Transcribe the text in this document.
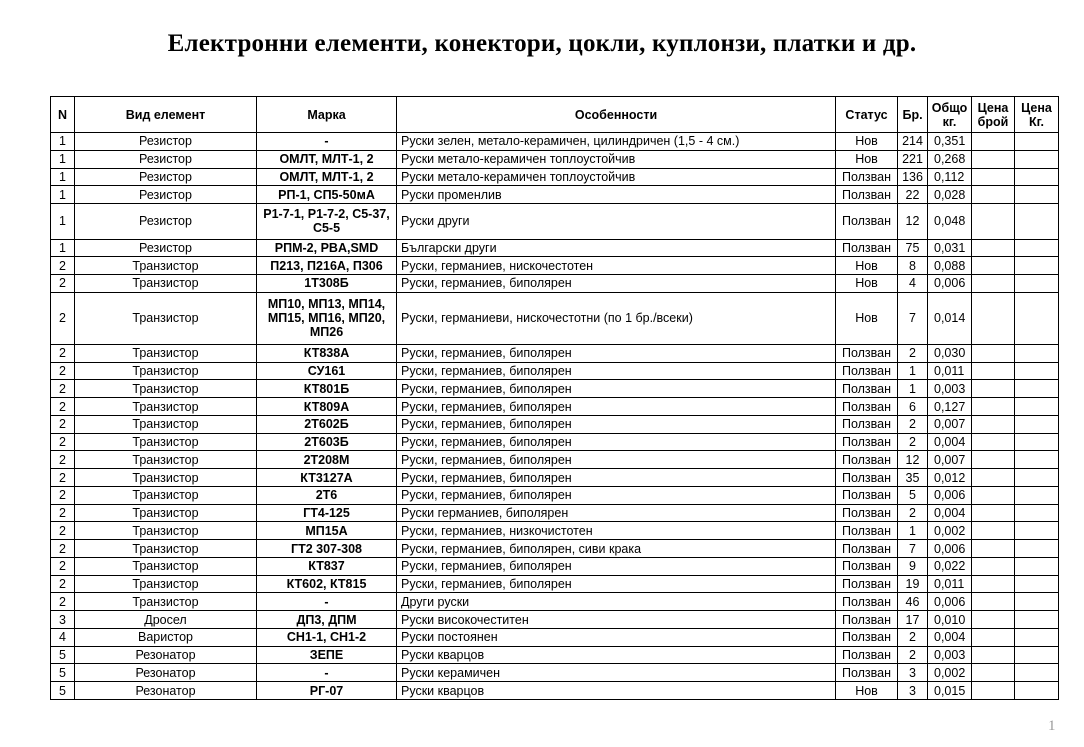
Електронни елементи, конектори, цокли, куплонзи, платки и др.
N	Вид елемент	Марка	Особенности	Статус	Бр.	Общо кг.	Цена брой	Цена Кг.
1	Резистор	-	Руски зелен, метало-керамичен, цилиндричен (1,5 - 4 см.)	Нов	214	0,351		
1	Резистор	ОМЛТ, МЛТ-1, 2	Руски метало-керамичен топлоустойчив	Нов	221	0,268		
1	Резистор	ОМЛТ, МЛТ-1, 2	Руски метало-керамичен топлоустойчив	Ползван	136	0,112		
1	Резистор	РП-1, СП5-50мА	Руски променлив	Ползван	22	0,028		
1	Резистор	Р1-7-1, Р1-7-2, С5-37, С5-5	Руски други	Ползван	12	0,048		
1	Резистор	РПМ-2, PBA,SMD	Български други	Ползван	75	0,031		
2	Транзистор	П213, П216А, П306	Руски, германиев, нискочестотен	Нов	8	0,088		
2	Транзистор	1Т308Б	Руски, германиев, биполярен	Нов	4	0,006		
2	Транзистор	МП10, МП13, МП14, МП15, МП16, МП20, МП26	Руски, германиеви, нискочестотни (по 1 бр./всеки)	Нов	7	0,014		
2	Транзистор	КТ838А	Руски, германиев, биполярен	Ползван	2	0,030		
2	Транзистор	СУ161	Руски, германиев, биполярен	Ползван	1	0,011		
2	Транзистор	КТ801Б	Руски, германиев, биполярен	Ползван	1	0,003		
2	Транзистор	КТ809А	Руски, германиев, биполярен	Ползван	6	0,127		
2	Транзистор	2Т602Б	Руски, германиев, биполярен	Ползван	2	0,007		
2	Транзистор	2Т603Б	Руски, германиев, биполярен	Ползван	2	0,004		
2	Транзистор	2Т208М	Руски, германиев, биполярен	Ползван	12	0,007		
2	Транзистор	КТ3127А	Руски, германиев, биполярен	Ползван	35	0,012		
2	Транзистор	2Т6	Руски, германиев, биполярен	Ползван	5	0,006		
2	Транзистор	ГТ4-125	Руски германиев, биполярен	Ползван	2	0,004		
2	Транзистор	МП15А	Руски, германиев, низкочистотен	Ползван	1	0,002		
2	Транзистор	ГТ2 307-308	Руски, германиев, биполярен, сиви крака	Ползван	7	0,006		
2	Транзистор	КТ837	Руски, германиев, биполярен	Ползван	9	0,022		
2	Транзистор	КТ602, КТ815	Руски, германиев, биполярен	Ползван	19	0,011		
2	Транзистор	-	Други руски	Ползван	46	0,006		
3	Дросел	ДП3, ДПМ	Руски високочеститен	Ползван	17	0,010		
4	Варистор	СН1-1, СН1-2	Руски постоянен	Ползван	2	0,004		
5	Резонатор	ЗЕПЕ	Руски кварцов	Ползван	2	0,003		
5	Резонатор	-	Руски керамичен	Ползван	3	0,002		
5	Резонатор	РГ-07	Руски кварцов	Нов	3	0,015		
1
